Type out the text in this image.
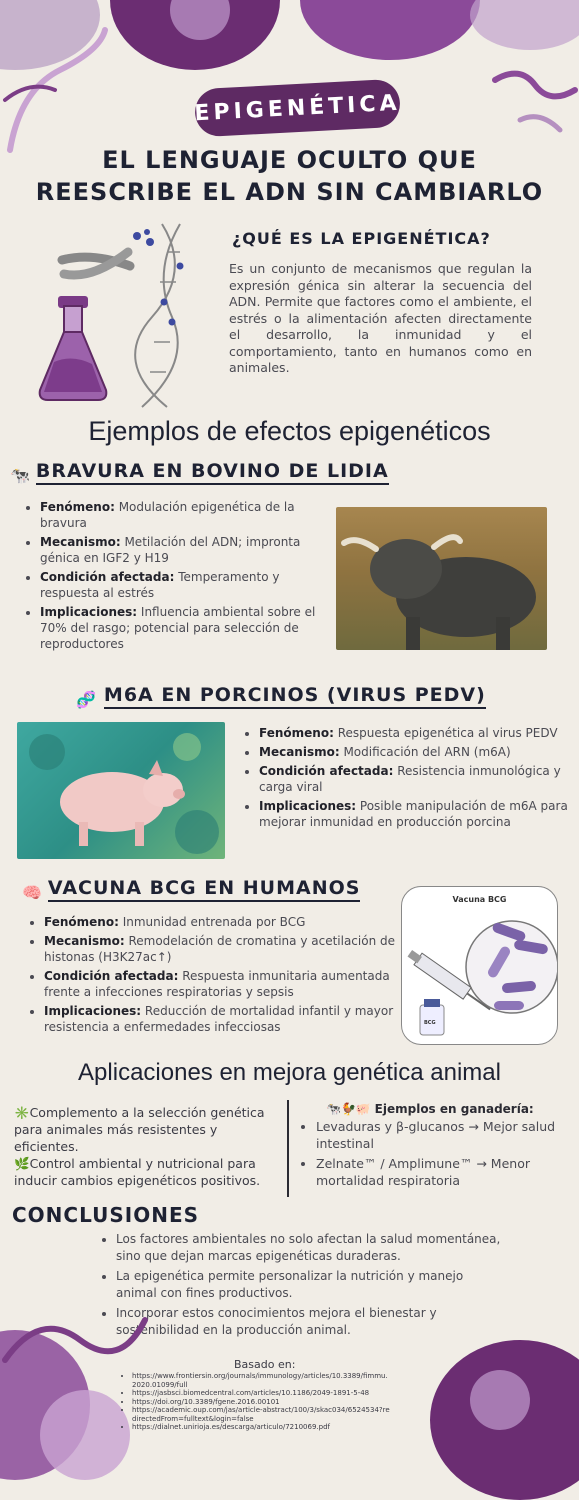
EPIGENÉTICA
EL LENGUAJE OCULTO QUE
REESCRIBE EL ADN SIN CAMBIARLO
¿QUÉ ES LA EPIGENÉTICA?
Es un conjunto de mecanismos que regulan la expresión génica sin alterar la secuencia del ADN. Permite que factores como el ambiente, el estrés o la alimentación afecten directamente el desarrollo, la inmunidad y el comportamiento, tanto en humanos como en animales.
Ejemplos de efectos epigenéticos
🐄 BRAVURA EN BOVINO DE LIDIA
• Fenómeno: Modulación epigenética de la bravura
• Mecanismo: Metilación del ADN; impronta génica en IGF2 y H19
• Condición afectada: Temperamento y respuesta al estrés
• Implicaciones: Influencia ambiental sobre el 70% del rasgo; potencial para selección de reproductores
🧬 M6A EN PORCINOS (VIRUS PEDV)
• Fenómeno: Respuesta epigenética al virus PEDV
• Mecanismo: Modificación del ARN (m6A)
• Condición afectada: Resistencia inmunológica y carga viral
• Implicaciones: Posible manipulación de m6A para mejorar inmunidad en producción porcina
🧠 VACUNA BCG EN HUMANOS
• Fenómeno: Inmunidad entrenada por BCG
• Mecanismo: Remodelación de cromatina y acetilación de histonas (H3K27ac↑)
• Condición afectada: Respuesta inmunitaria aumentada frente a infecciones respiratorias y sepsis
• Implicaciones: Reducción de mortalidad infantil y mayor resistencia a enfermedades infecciosas
Vacuna BCG
BCG
Aplicaciones en mejora genética animal
✳️Complemento a la selección genética para animales más resistentes y eficientes.
🌿Control ambiental y nutricional para inducir cambios epigenéticos positivos.
🐄🐓🐖 Ejemplos en ganadería:
• Levaduras y β-glucanos → Mejor salud intestinal
• Zelnate™ / Amplimune™ → Menor mortalidad respiratoria
CONCLUSIONES
• Los factores ambientales no solo afectan la salud momentánea, sino que dejan marcas epigenéticas duraderas.
• La epigenética permite personalizar la nutrición y manejo animal con fines productivos.
• Incorporar estos conocimientos mejora el bienestar y sostenibilidad en la producción animal.
Basado en:
• https://www.frontiersin.org/journals/immunology/articles/10.3389/fimmu.2020.01099/full
• https://jasbsci.biomedcentral.com/articles/10.1186/2049-1891-5-48
• https://doi.org/10.3389/fgene.2016.00101
• https://academic.oup.com/jas/article-abstract/100/3/skac034/6524534?redirectedFrom=fulltext&login=false
• https://dialnet.unirioja.es/descarga/articulo/7210069.pdf
